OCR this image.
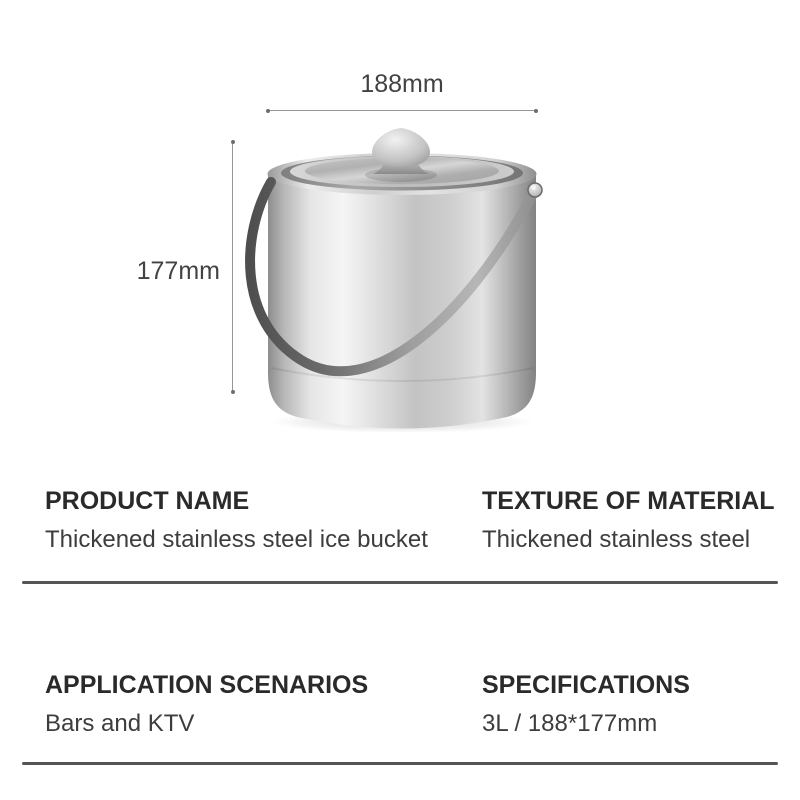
188mm
177mm
PRODUCT NAME
Thickened stainless steel ice bucket
TEXTURE OF MATERIAL
Thickened stainless steel
APPLICATION SCENARIOS
Bars and KTV
SPECIFICATIONS
3L / 188*177mm
